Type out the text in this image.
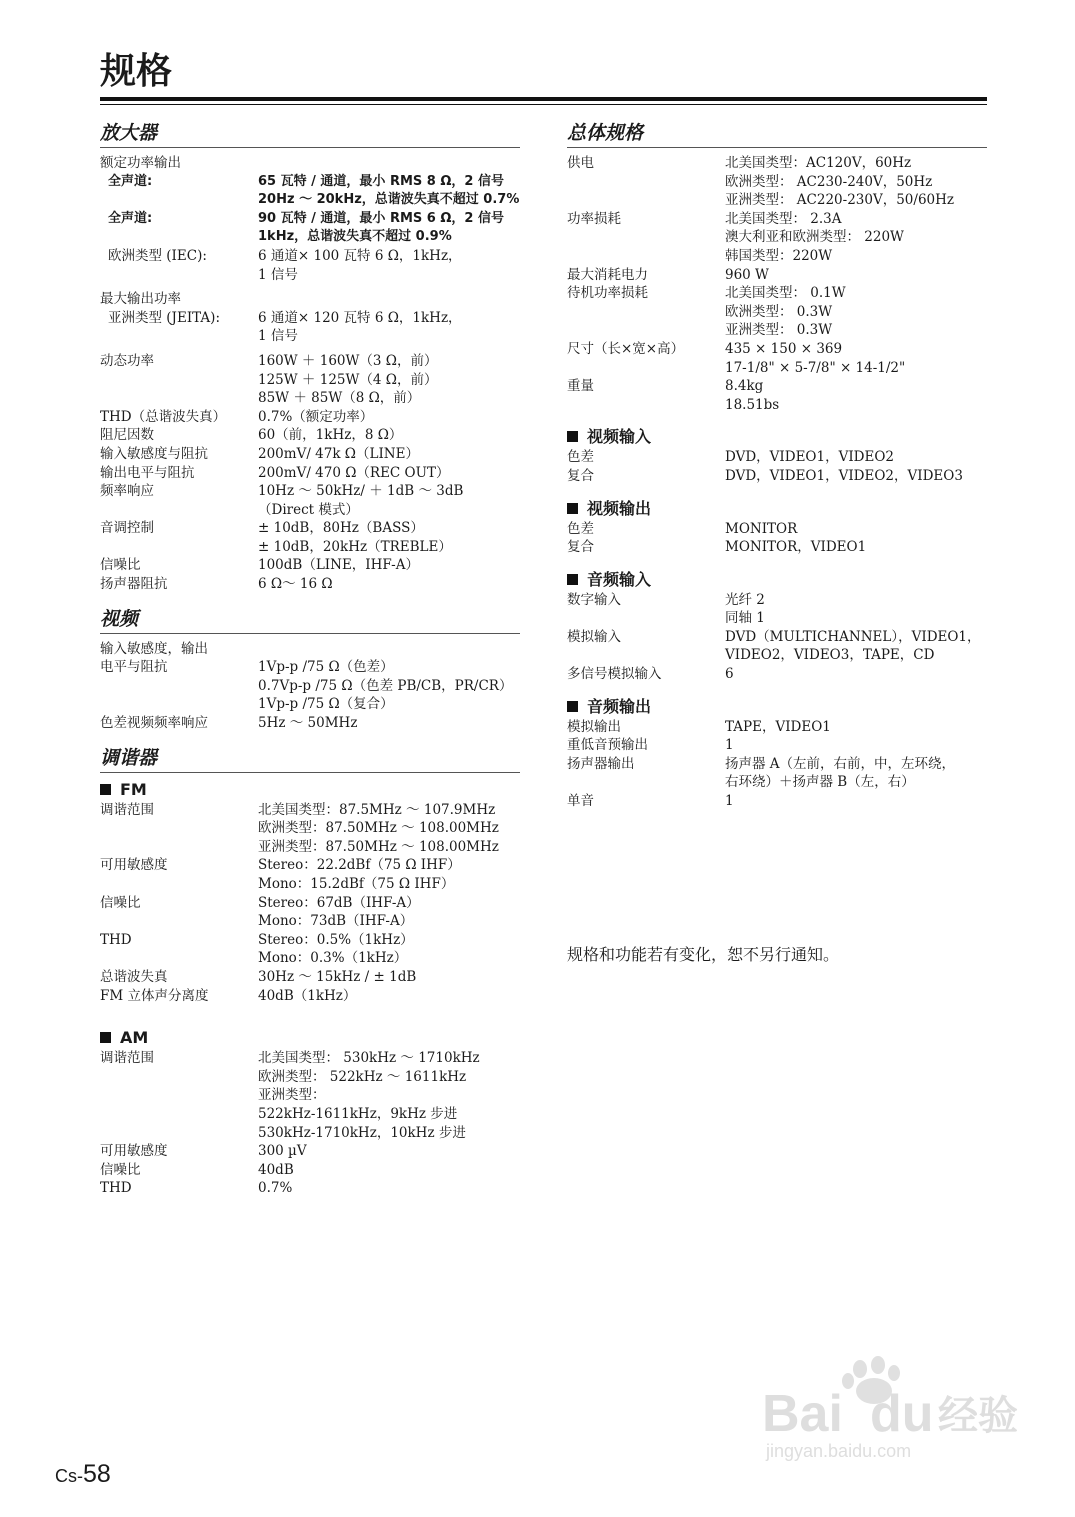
规格
放大器
额定功率输出
全声道:	65 瓦特 / 通道，最小 RMS 8 Ω，2 信号 20Hz ～ 20kHz，总谐波失真不超过 0.7%
全声道:	90 瓦特 / 通道，最小 RMS 6 Ω，2 信号 1kHz，总谐波失真不超过 0.9%
欧洲类型 (IEC):	6 通道× 100 瓦特 6 Ω，1kHz，
1 信号
最大输出功率
亚洲类型 (JEITA):	6 通道× 120 瓦特 6 Ω，1kHz，
1 信号
动态功率	160W ＋ 160W（3 Ω，前）
125W ＋ 125W（4 Ω，前）
85W ＋ 85W（8 Ω，前）
THD（总谐波失真）	0.7%（额定功率）
阻尼因数	60（前，1kHz，8 Ω）
输入敏感度与阻抗	200mV/ 47k Ω（LINE）
输出电平与阻抗	200mV/ 470 Ω（REC OUT）
频率响应	10Hz ～ 50kHz/ ＋ 1dB ～ 3dB
（Direct 模式）
音调控制	± 10dB，80Hz（BASS）
± 10dB，20kHz（TREBLE）
信噪比	100dB（LINE，IHF-A）
扬声器阻抗	6 Ω～ 16 Ω
视频
输入敏感度，输出
电平与阻抗	1Vp-p /75 Ω（色差）
0.7Vp-p /75 Ω（色差 PB/CB，PR/CR）
1Vp-p /75 Ω（复合）
色差视频频率响应	5Hz ～ 50MHz
调谐器
FM
调谐范围	北美国类型：87.5MHz ～ 107.9MHz
欧洲类型：87.50MHz ～ 108.00MHz
亚洲类型：87.50MHz ～ 108.00MHz
可用敏感度	Stereo：22.2dBf（75 Ω IHF）
Mono：15.2dBf（75 Ω IHF）
信噪比	Stereo：67dB（IHF-A）
Mono：73dB（IHF-A）
THD	Stereo：0.5%（1kHz）
Mono：0.3%（1kHz）
总谐波失真	30Hz ～ 15kHz / ± 1dB
FM 立体声分离度	40dB（1kHz）
AM
调谐范围	北美国类型： 530kHz ～ 1710kHz
欧洲类型： 522kHz ～ 1611kHz
亚洲类型：
522kHz-1611kHz，9kHz 步进
530kHz-1710kHz，10kHz 步进
可用敏感度	300 µV
信噪比	40dB
THD	0.7%
总体规格
供电	北美国类型：AC120V，60Hz
欧洲类型： AC230-240V，50Hz
亚洲类型： AC220-230V，50/60Hz
功率损耗	北美国类型： 2.3A
澳大利亚和欧洲类型： 220W
韩国类型：220W
最大消耗电力	960 W
待机功率损耗	北美国类型： 0.1W
欧洲类型： 0.3W
亚洲类型： 0.3W
尺寸（长×宽×高）	435 × 150 × 369
17-1/8" × 5-7/8" × 14-1/2"
重量	8.4kg
18.51bs
视频输入
色差	DVD，VIDEO1，VIDEO2
复合	DVD，VIDEO1，VIDEO2，VIDEO3
视频输出
色差	MONITOR
复合	MONITOR，VIDEO1
音频输入
数字输入	光纤 2
同轴 1
模拟输入	DVD（MULTICHANNEL），VIDEO1，
VIDEO2，VIDEO3，TAPE，CD
多信号模拟输入	6
音频输出
模拟输出	TAPE，VIDEO1
重低音预输出	1
扬声器输出	扬声器 A（左前，右前，中，左环绕，
右环绕）＋扬声器 B（左，右）
单音	1
规格和功能若有变化，恕不另行通知。
Bai du 经验
jingyan.baidu.com
Cs-58
